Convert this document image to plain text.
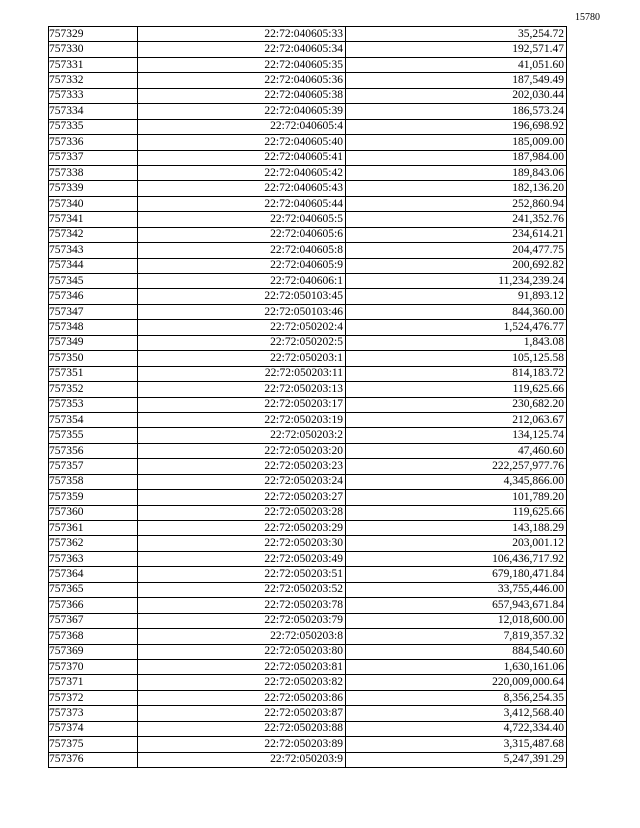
15780
757329	22:72:040605:33	35,254.72
757330	22:72:040605:34	192,571.47
757331	22:72:040605:35	41,051.60
757332	22:72:040605:36	187,549.49
757333	22:72:040605:38	202,030.44
757334	22:72:040605:39	186,573.24
757335	22:72:040605:4	196,698.92
757336	22:72:040605:40	185,009.00
757337	22:72:040605:41	187,984.00
757338	22:72:040605:42	189,843.06
757339	22:72:040605:43	182,136.20
757340	22:72:040605:44	252,860.94
757341	22:72:040605:5	241,352.76
757342	22:72:040605:6	234,614.21
757343	22:72:040605:8	204,477.75
757344	22:72:040605:9	200,692.82
757345	22:72:040606:1	11,234,239.24
757346	22:72:050103:45	91,893.12
757347	22:72:050103:46	844,360.00
757348	22:72:050202:4	1,524,476.77
757349	22:72:050202:5	1,843.08
757350	22:72:050203:1	105,125.58
757351	22:72:050203:11	814,183.72
757352	22:72:050203:13	119,625.66
757353	22:72:050203:17	230,682.20
757354	22:72:050203:19	212,063.67
757355	22:72:050203:2	134,125.74
757356	22:72:050203:20	47,460.60
757357	22:72:050203:23	222,257,977.76
757358	22:72:050203:24	4,345,866.00
757359	22:72:050203:27	101,789.20
757360	22:72:050203:28	119,625.66
757361	22:72:050203:29	143,188.29
757362	22:72:050203:30	203,001.12
757363	22:72:050203:49	106,436,717.92
757364	22:72:050203:51	679,180,471.84
757365	22:72:050203:52	33,755,446.00
757366	22:72:050203:78	657,943,671.84
757367	22:72:050203:79	12,018,600.00
757368	22:72:050203:8	7,819,357.32
757369	22:72:050203:80	884,540.60
757370	22:72:050203:81	1,630,161.06
757371	22:72:050203:82	220,009,000.64
757372	22:72:050203:86	8,356,254.35
757373	22:72:050203:87	3,412,568.40
757374	22:72:050203:88	4,722,334.40
757375	22:72:050203:89	3,315,487.68
757376	22:72:050203:9	5,247,391.29
